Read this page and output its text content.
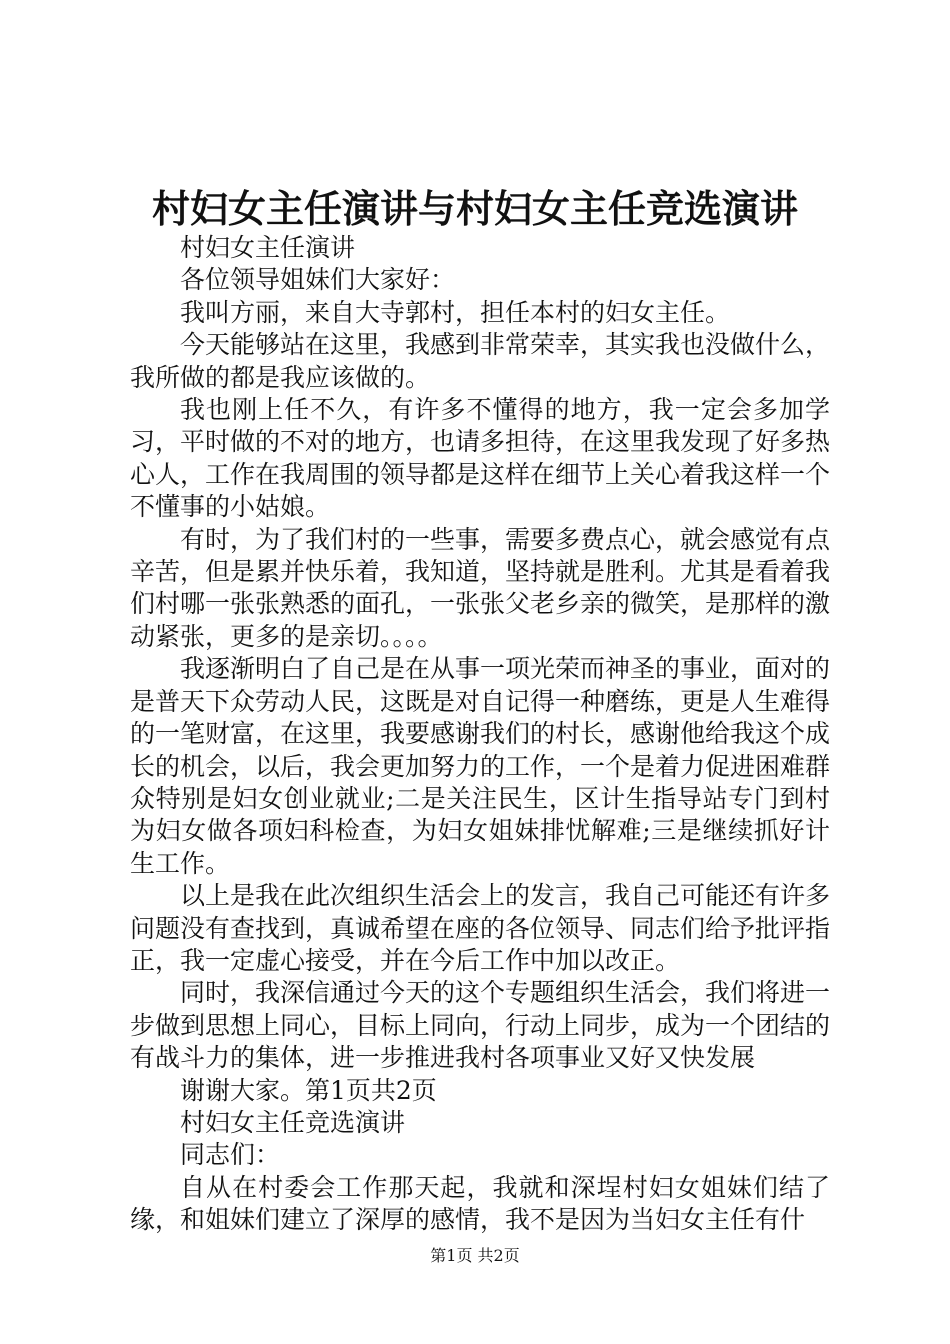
村妇女主任演讲与村妇女主任竞选演讲

村妇女主任演讲

各位领导姐妹们大家好：

我叫方丽，来自大寺郭村，担任本村的妇女主任。

今天能够站在这里，我感到非常荣幸，其实我也没做什么，我所做的都是我应该做的。

我也刚上任不久，有许多不懂得的地方，我一定会多加学习，平时做的不对的地方，也请多担待，在这里我发现了好多热心人，工作在我周围的领导都是这样在细节上关心着我这样一个不懂事的小姑娘。

有时，为了我们村的一些事，需要多费点心，就会感觉有点辛苦，但是累并快乐着，我知道，坚持就是胜利。尤其是看着我们村哪一张张熟悉的面孔，一张张父老乡亲的微笑，是那样的激动紧张，更多的是亲切。。。。

我逐渐明白了自己是在从事一项光荣而神圣的事业，面对的是普天下众劳动人民，这既是对自记得一种磨练，更是人生难得的一笔财富，在这里，我要感谢我们的村长，感谢他给我这个成长的机会，以后，我会更加努力的工作，一个是着力促进困难群众特别是妇女创业就业;二是关注民生，区计生指导站专门到村为妇女做各项妇科检查，为妇女姐妹排忧解难;三是继续抓好计生工作。

以上是我在此次组织生活会上的发言，我自己可能还有许多问题没有查找到，真诚希望在座的各位领导、同志们给予批评指正，我一定虚心接受，并在今后工作中加以改正。

同时，我深信通过今天的这个专题组织生活会，我们将进一步做到思想上同心，目标上同向，行动上同步，成为一个团结的有战斗力的集体，进一步推进我村各项事业又好又快发展

谢谢大家。第1页共2页

村妇女主任竞选演讲

同志们：

自从在村委会工作那天起，我就和深埕村妇女姐妹们结了缘，和姐妹们建立了深厚的感情，我不是因为当妇女主任有什

第1页 共2页
